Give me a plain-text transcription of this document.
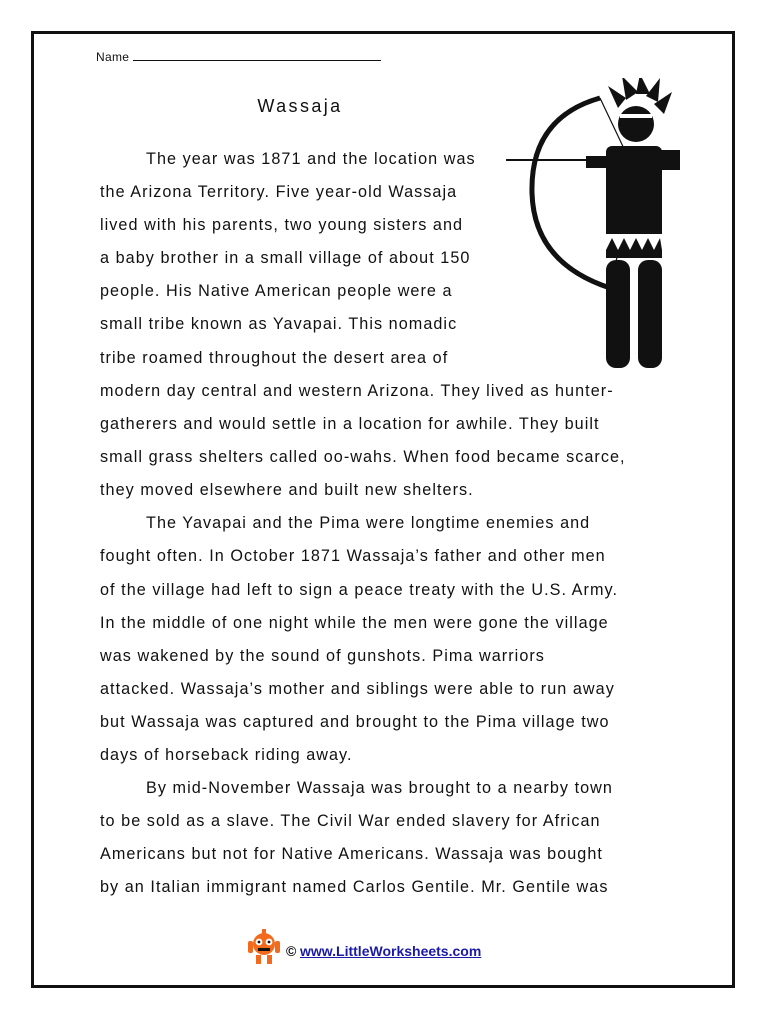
Name
Wassaja

The year was 1871 and the location was

the Arizona Territory. Five year-old Wassaja

lived with his parents, two young sisters and

a baby brother in a small village of about 150

people. His Native American people were a

small tribe known as Yavapai. This nomadic

tribe roamed throughout the desert area of

modern day central and western Arizona. They lived as hunter-

gatherers and would settle in a location for awhile. They built

small grass shelters called oo-wahs. When food became scarce,

they moved elsewhere and built new shelters.

The Yavapai and the Pima were longtime enemies and

fought often. In October 1871 Wassaja’s father and other men

of the village had left to sign a peace treaty with the U.S. Army.

In the middle of one night while the men were gone the village

was wakened by the sound of gunshots. Pima warriors

attacked. Wassaja’s mother and siblings were able to run away

but Wassaja was captured and brought to the Pima village two

days of horseback riding away.

By mid-November Wassaja was brought to a nearby town

to be sold as a slave. The Civil War ended slavery for African

Americans but not for Native Americans. Wassaja was bought

by an Italian immigrant named Carlos Gentile. Mr. Gentile was

© www.LittleWorksheets.com
